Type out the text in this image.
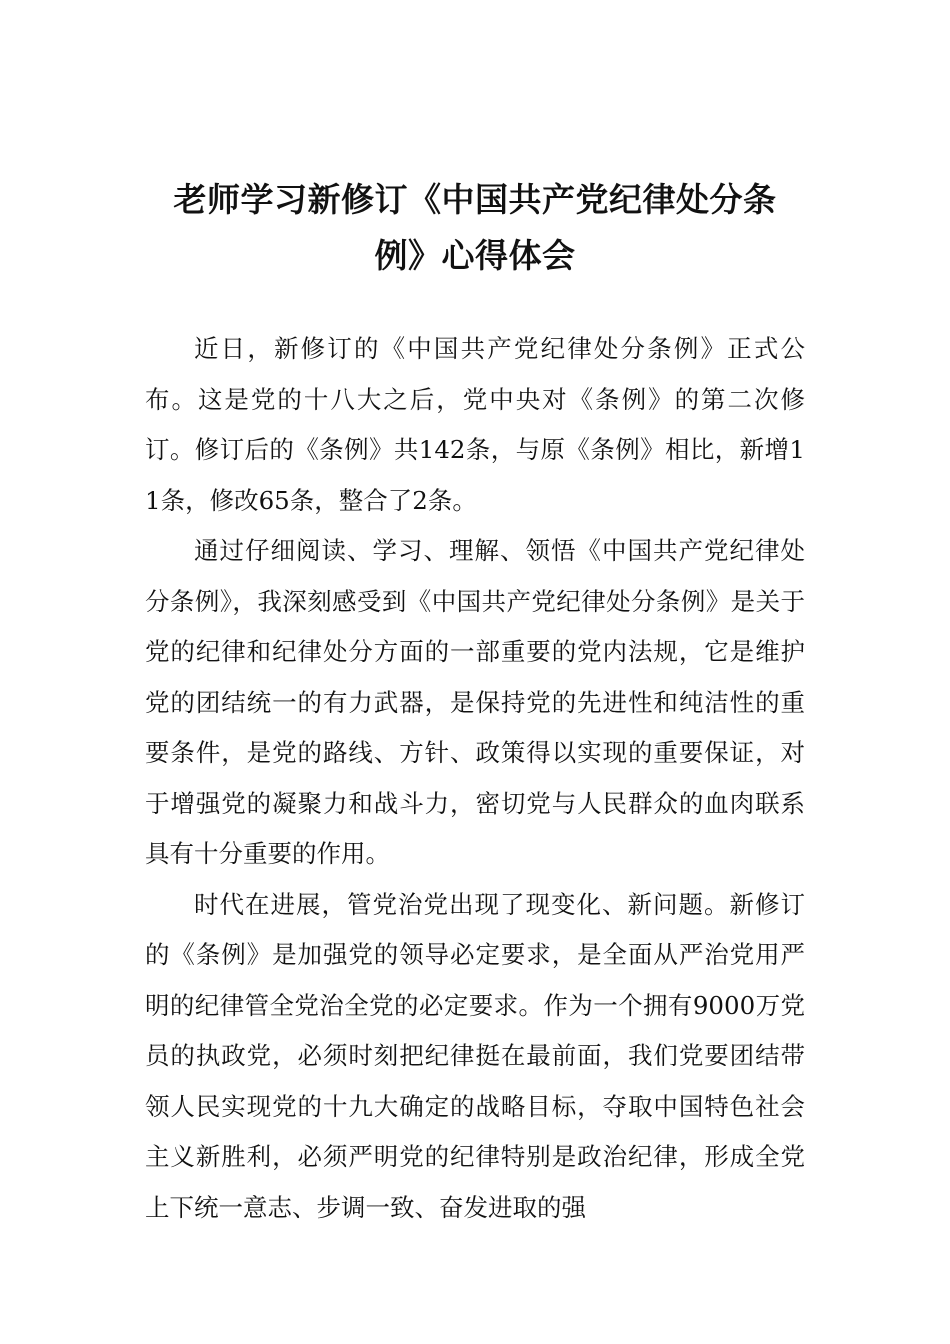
老师学习新修订《中国共产党纪律处分条
例》心得体会

近日，新修订的《中国共产党纪律处分条例》正式公布。这是党的十八大之后，党中央对《条例》的第二次修订。修订后的《条例》共142条，与原《条例》相比，新增11条，修改65条，整合了2条。

通过仔细阅读、学习、理解、领悟《中国共产党纪律处分条例》，我深刻感受到《中国共产党纪律处分条例》是关于党的纪律和纪律处分方面的一部重要的党内法规，它是维护党的团结统一的有力武器，是保持党的先进性和纯洁性的重要条件，是党的路线、方针、政策得以实现的重要保证，对于增强党的凝聚力和战斗力，密切党与人民群众的血肉联系具有十分重要的作用。

时代在进展，管党治党出现了现变化、新问题。新修订的《条例》是加强党的领导必定要求，是全面从严治党用严明的纪律管全党治全党的必定要求。作为一个拥有9000万党员的执政党，必须时刻把纪律挺在最前面，我们党要团结带领人民实现党的十九大确定的战略目标，夺取中国特色社会主义新胜利，必须严明党的纪律特别是政治纪律，形成全党上下统一意志、步调一致、奋发进取的强
